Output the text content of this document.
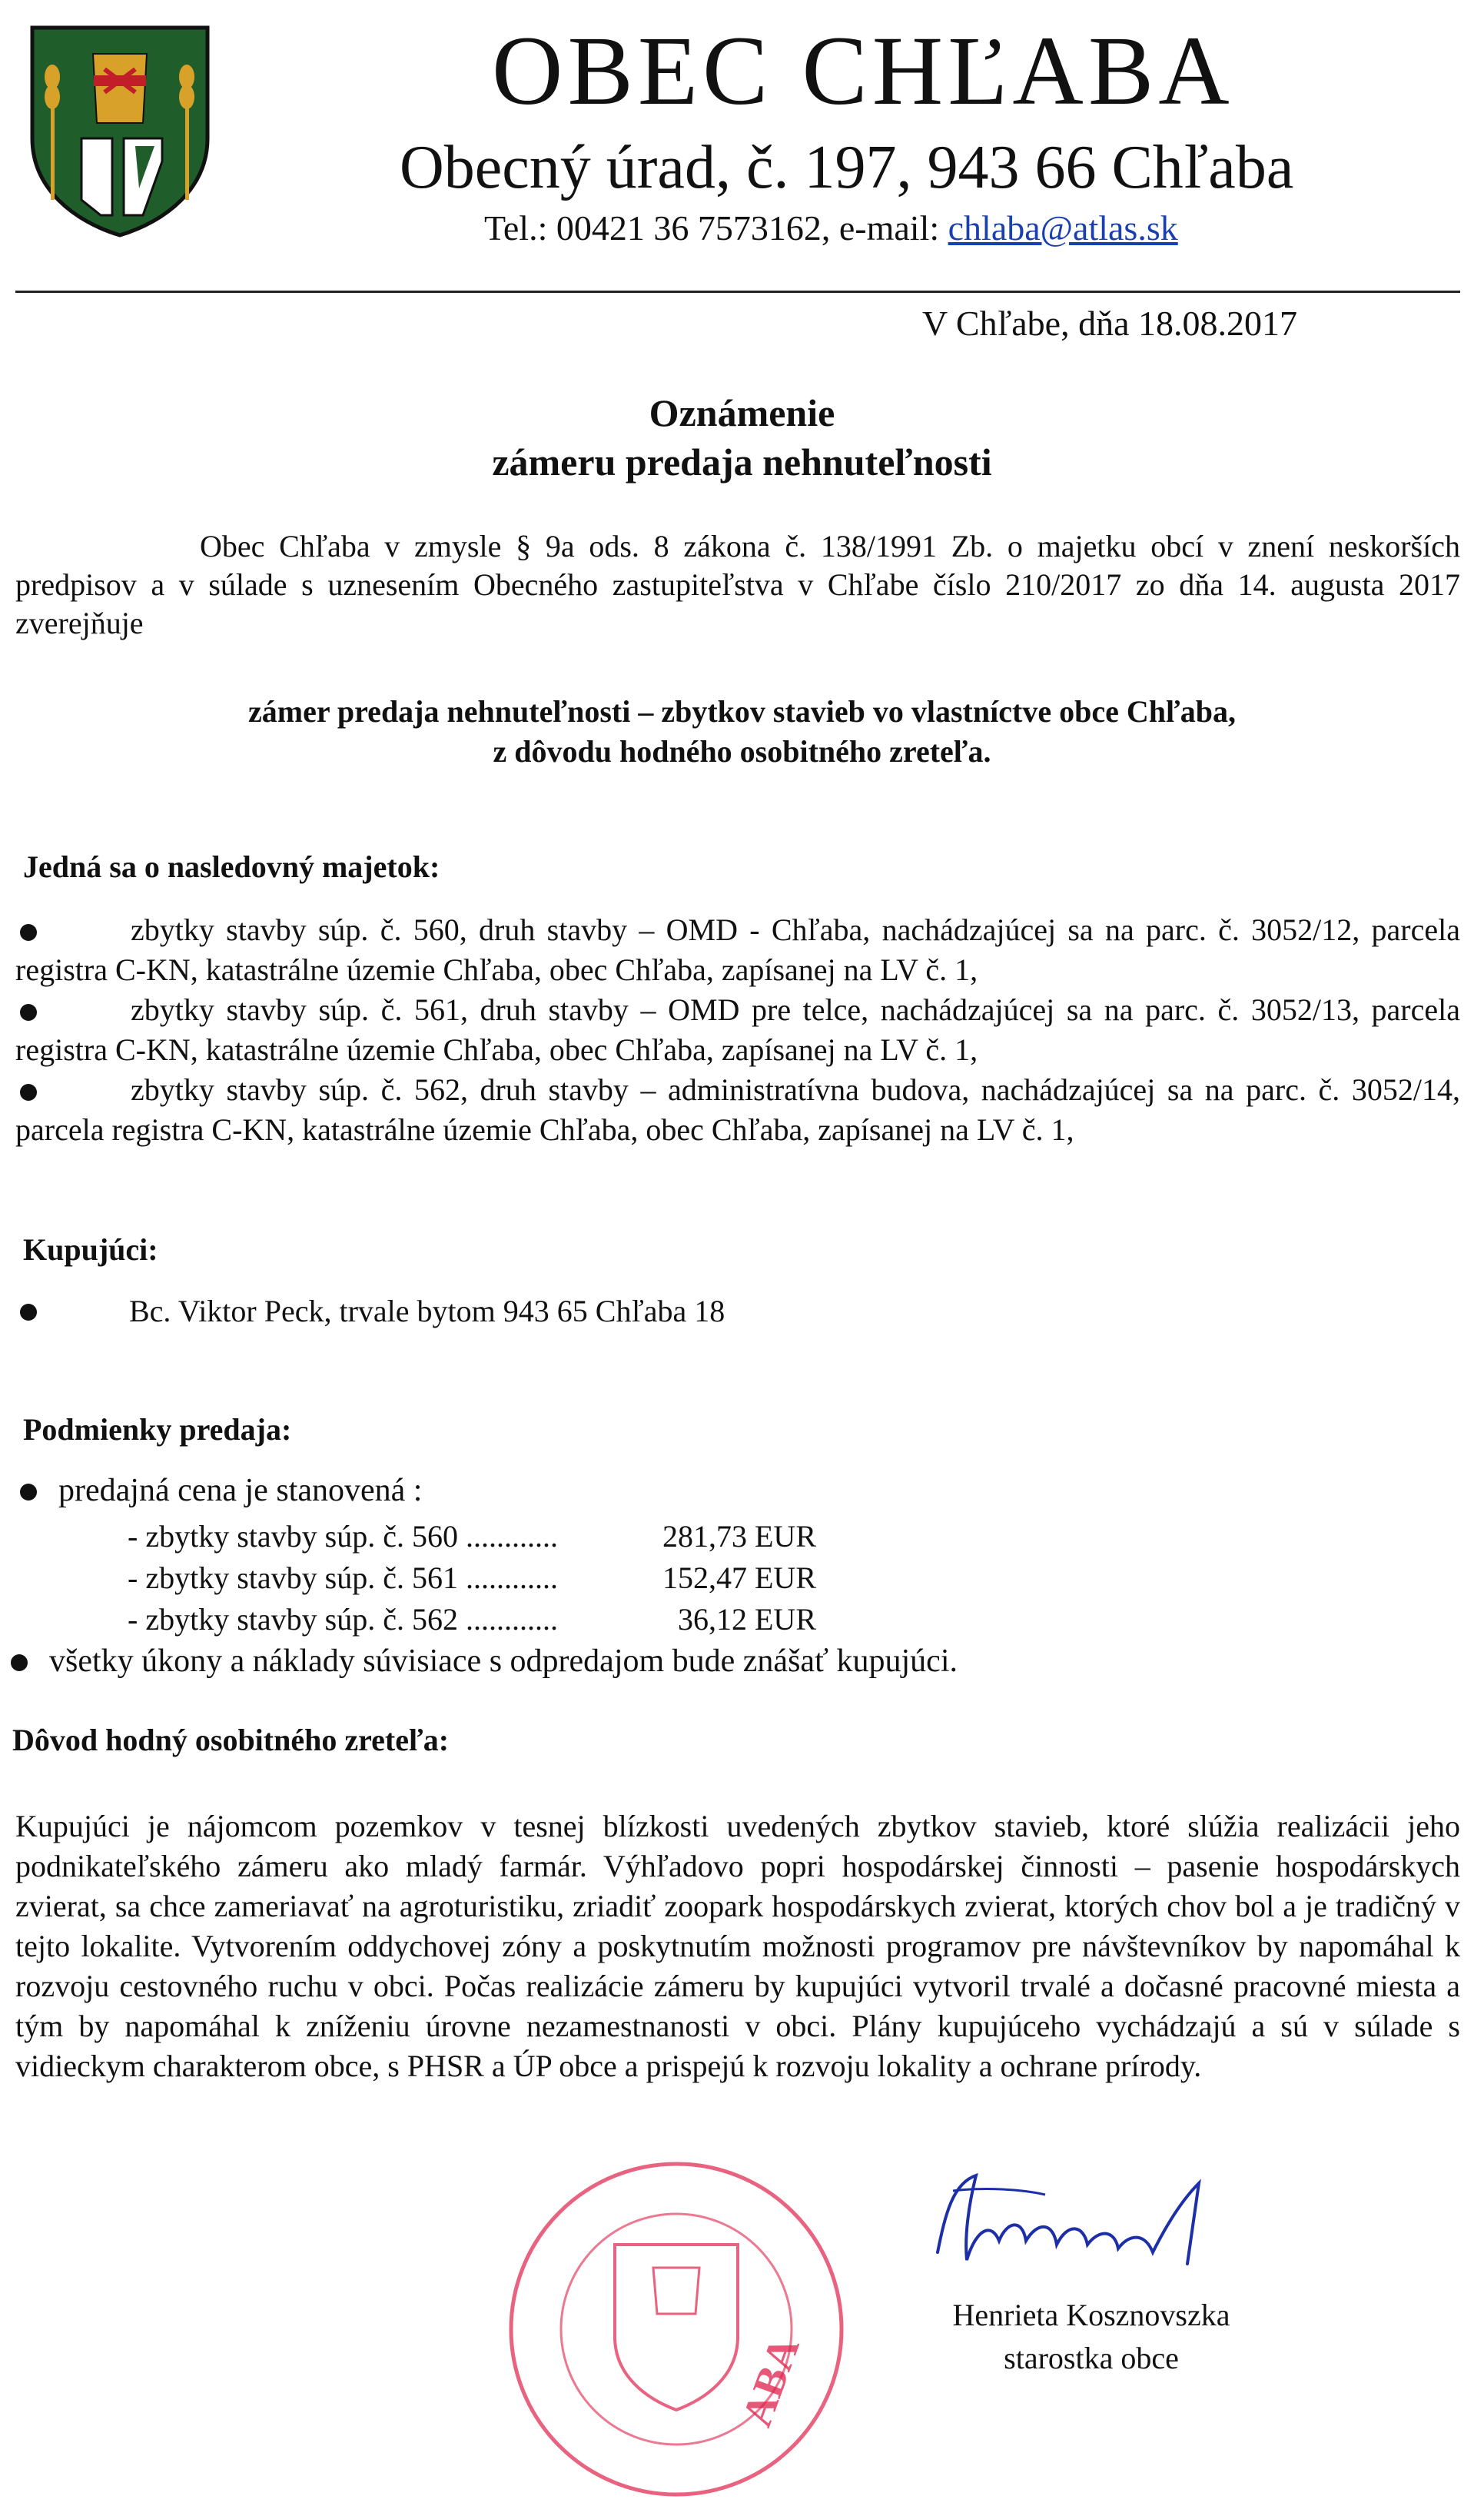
OBEC CHĽABA
Obecný úrad, č. 197, 943 66 Chľaba
Tel.: 00421 36 7573162, e-mail: chlaba@atlas.sk
V Chľabe, dňa 18.08.2017
Oznámenie
zámeru predaja nehnuteľnosti
Obec Chľaba v zmysle § 9a ods. 8 zákona č. 138/1991 Zb. o majetku obcí v znení neskorších predpisov a v súlade s uznesením Obecného zastupiteľstva v Chľabe číslo 210/2017 zo dňa 14. augusta 2017 zverejňuje
zámer predaja nehnuteľnosti – zbytkov stavieb vo vlastníctve obce Chľaba,
z dôvodu hodného osobitného zreteľa.
Jedná sa o nasledovný majetok:
zbytky stavby súp. č. 560, druh stavby – OMD - Chľaba, nachádzajúcej sa na parc. č. 3052/12, parcela registra C-KN, katastrálne územie Chľaba, obec Chľaba, zapísanej na LV č. 1,
zbytky stavby súp. č. 561, druh stavby – OMD pre telce, nachádzajúcej sa na parc. č. 3052/13, parcela registra C-KN, katastrálne územie Chľaba, obec Chľaba, zapísanej na LV č. 1,
zbytky stavby súp. č. 562, druh stavby – administratívna budova, nachádzajúcej sa na parc. č. 3052/14, parcela registra C-KN, katastrálne územie Chľaba, obec Chľaba, zapísanej na LV č. 1,
Kupujúci:
Bc. Viktor Peck, trvale bytom 943 65 Chľaba 18
Podmienky predaja:
predajná cena je stanovená :
- zbytky stavby súp. č. 560 ............	281,73 EUR
- zbytky stavby súp. č. 561 ............	152,47 EUR
- zbytky stavby súp. č. 562 ............	36,12 EUR
všetky úkony a náklady súvisiace s odpredajom bude znášať kupujúci.
Dôvod hodný osobitného zreteľa:
Kupujúci je nájomcom pozemkov v tesnej blízkosti uvedených zbytkov stavieb, ktoré slúžia realizácii jeho podnikateľského zámeru ako mladý farmár. Výhľadovo popri hospodárskej činnosti – pasenie hospodárskych zvierat, sa chce zameriavať na agroturistiku, zriadiť zoopark hospodárskych zvierat, ktorých chov bol a je tradičný v tejto lokalite. Vytvorením oddychovej zóny a poskytnutím možnosti programov pre návštevníkov by napomáhal k rozvoju cestovného ruchu v obci. Počas realizácie zámeru by kupujúci vytvoril trvalé a dočasné pracovné miesta a tým by napomáhal k zníženiu úrovne nezamestnanosti v obci. Plány kupujúceho vychádzajú a sú v súlade s vidieckym charakterom obce, s PHSR a ÚP obce a prispejú k rozvoju lokality a ochrane prírody.
ABA
Henrieta Kosznovszka
starostka obce
